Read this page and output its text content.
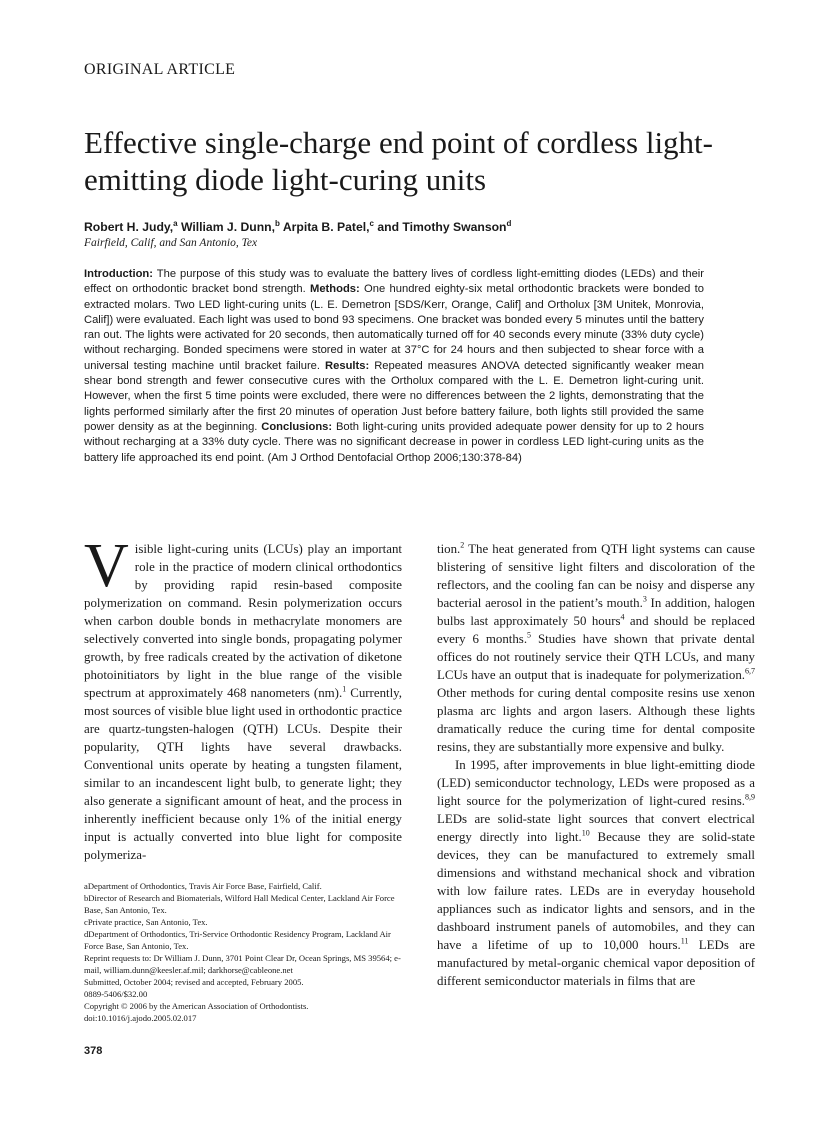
ORIGINAL ARTICLE
Effective single-charge end point of cordless light-emitting diode light-curing units
Robert H. Judy,$^a$ William J. Dunn,$^b$ Arpita B. Patel,$^c$ and Timothy Swanson$^d$
Fairfield, Calif, and San Antonio, Tex

Introduction: The purpose of this study was to evaluate the battery lives of cordless light-emitting diodes (LEDs) and their effect on orthodontic bracket bond strength. Methods: One hundred eighty-six metal orthodontic brackets were bonded to extracted molars. Two LED light-curing units (L. E. Demetron [SDS/Kerr, Orange, Calif] and Ortholux [3M Unitek, Monrovia, Calif]) were evaluated. Each light was used to bond 93 specimens. One bracket was bonded every 5 minutes until the battery ran out. The lights were activated for 20 seconds, then automatically turned off for 40 seconds every minute (33% duty cycle) without recharging. Bonded specimens were stored in water at 37°C for 24 hours and then subjected to shear force with a universal testing machine until bracket failure. Results: Repeated measures ANOVA detected significantly weaker mean shear bond strength and fewer consecutive cures with the Ortholux compared with the L. E. Demetron light-curing unit. However, when the first 5 time points were excluded, there were no differences between the 2 lights, demonstrating that the lights performed similarly after the first 20 minutes of operation Just before battery failure, both lights still provided the same power density as at the beginning. Conclusions: Both light-curing units provided adequate power density for up to 2 hours without recharging at a 33% duty cycle. There was no significant decrease in power in cordless LED light-curing units as the battery life approached its end point. (Am J Orthod Dentofacial Orthop 2006;130:378-84)

Visible light-curing units (LCUs) play an important role in the practice of modern clinical orthodontics by providing rapid resin-based composite polymerization on command. Resin polymerization occurs when carbon double bonds in methacrylate monomers are selectively converted into single bonds, propagating polymer growth, by free radicals created by the activation of diketone photoinitiators by light in the blue range of the visible spectrum at approximately 468 nanometers (nm).$^1$ Currently, most sources of visible blue light used in orthodontic practice are quartz-tungsten-halogen (QTH) LCUs. Despite their popularity, QTH lights have several drawbacks. Conventional units operate by heating a tungsten filament, similar to an incandescent light bulb, to generate light; they also generate a significant amount of heat, and the process in inherently inefficient because only 1% of the initial energy input is actually converted into blue light for composite polymeriza-

tion.$^2$ The heat generated from QTH light systems can cause blistering of sensitive light filters and discoloration of the reflectors, and the cooling fan can be noisy and disperse any bacterial aerosol in the patient’s mouth.$^3$ In addition, halogen bulbs last approximately 50 hours$^4$ and should be replaced every 6 months.$^5$ Studies have shown that private dental offices do not routinely service their QTH LCUs, and many LCUs have an output that is inadequate for polymerization.$^{6,7}$ Other methods for curing dental composite resins use xenon plasma arc lights and argon lasers. Although these lights dramatically reduce the curing time for dental composite resins, they are substantially more expensive and bulky.

In 1995, after improvements in blue light-emitting diode (LED) semiconductor technology, LEDs were proposed as a light source for the polymerization of light-cured resins.$^{8,9}$ LEDs are solid-state light sources that convert electrical energy directly into light.$^{10}$ Because they are solid-state devices, they can be manufactured to extremely small dimensions and withstand mechanical shock and vibration with low failure rates. LEDs are in everyday household appliances such as indicator lights and sensors, and in the dashboard instrument panels of automobiles, and they can have a lifetime of up to 10,000 hours.$^{11}$ LEDs are manufactured by metal-organic chemical vapor deposition of different semiconductor materials in films that are

aDepartment of Orthodontics, Travis Air Force Base, Fairfield, Calif.
bDirector of Research and Biomaterials, Wilford Hall Medical Center, Lackland Air Force Base, San Antonio, Tex.
cPrivate practice, San Antonio, Tex.
dDepartment of Orthodontics, Tri-Service Orthodontic Residency Program, Lackland Air Force Base, San Antonio, Tex.
Reprint requests to: Dr William J. Dunn, 3701 Point Clear Dr, Ocean Springs, MS 39564; e-mail, william.dunn@keesler.af.mil; darkhorse@cableone.net
Submitted, October 2004; revised and accepted, February 2005.
0889-5406/$32.00
Copyright © 2006 by the American Association of Orthodontists.
doi:10.1016/j.ajodo.2005.02.017
378
